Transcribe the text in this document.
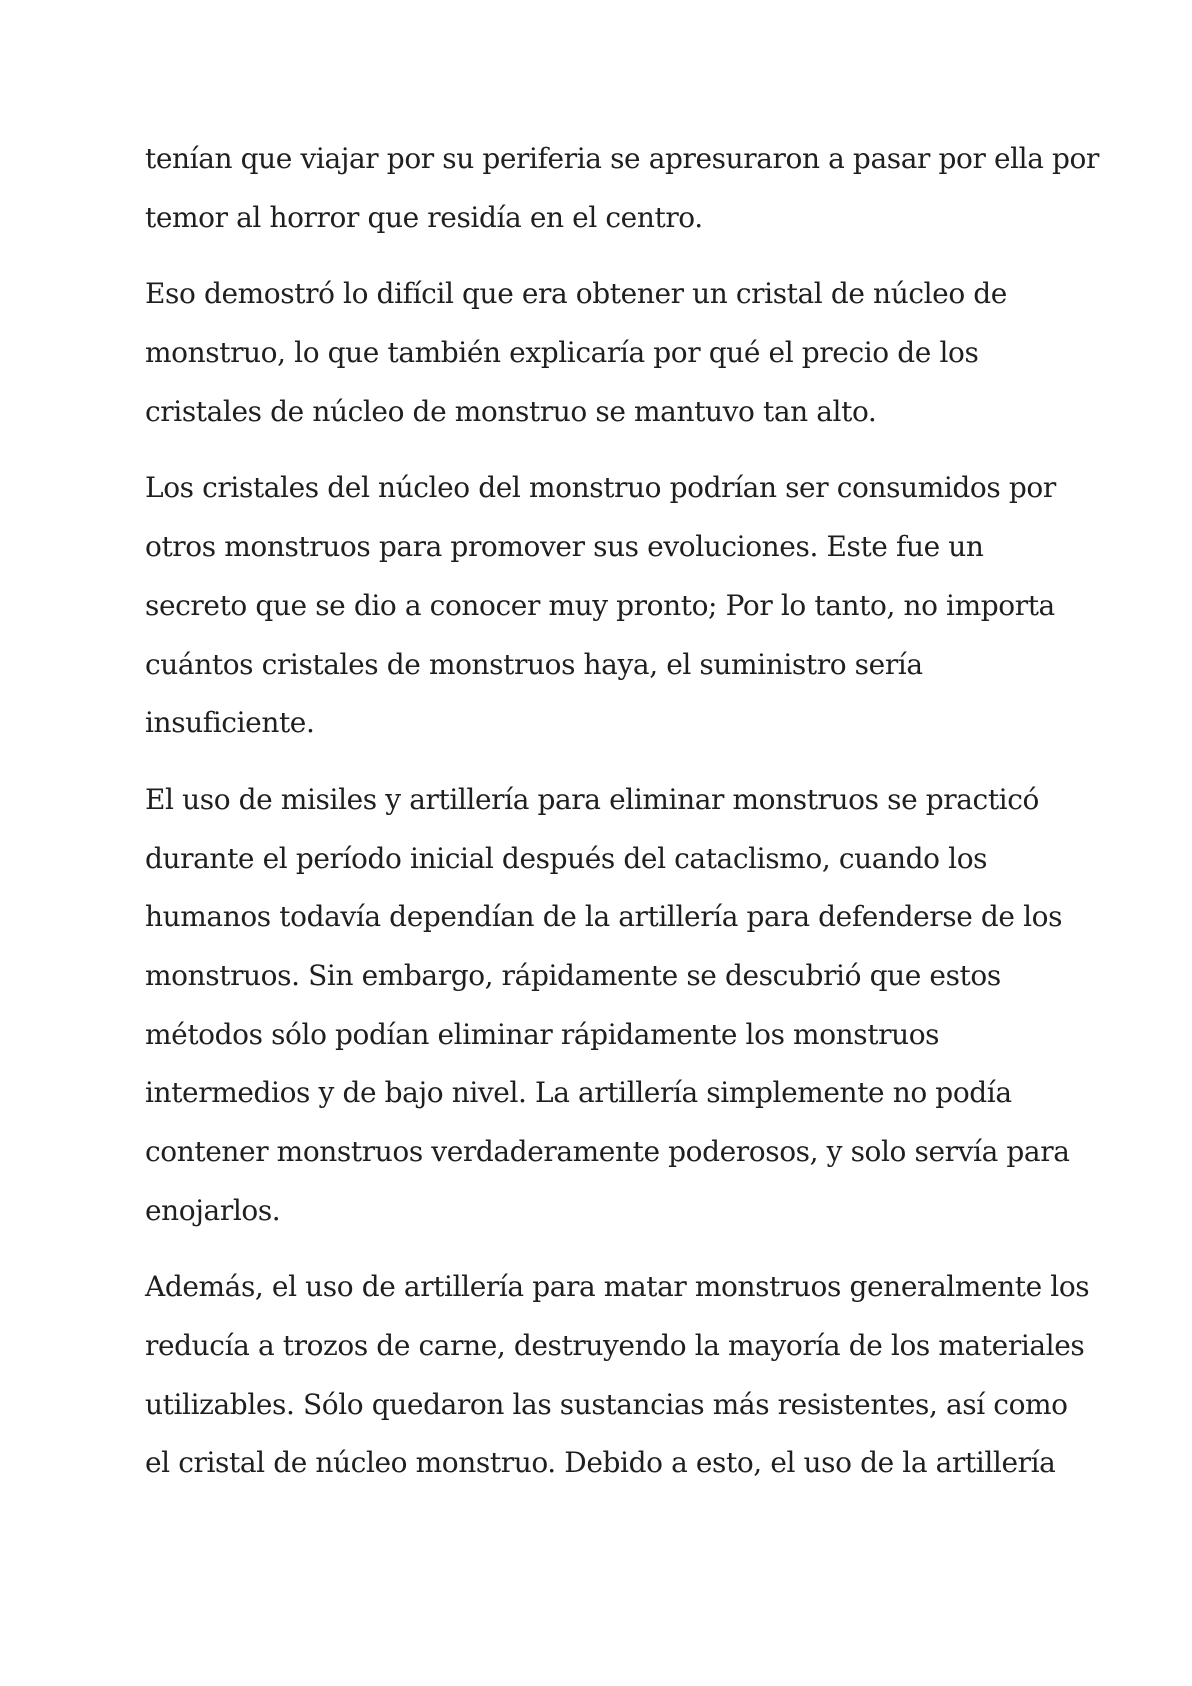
tenían que viajar por su periferia se apresuraron a pasar por ella por
temor al horror que residía en el centro.

Eso demostró lo difícil que era obtener un cristal de núcleo de
monstruo, lo que también explicaría por qué el precio de los
cristales de núcleo de monstruo se mantuvo tan alto.

Los cristales del núcleo del monstruo podrían ser consumidos por
otros monstruos para promover sus evoluciones. Este fue un
secreto que se dio a conocer muy pronto; Por lo tanto, no importa
cuántos cristales de monstruos haya, el suministro sería
insuficiente.

El uso de misiles y artillería para eliminar monstruos se practicó
durante el período inicial después del cataclismo, cuando los
humanos todavía dependían de la artillería para defenderse de los
monstruos. Sin embargo, rápidamente se descubrió que estos
métodos sólo podían eliminar rápidamente los monstruos
intermedios y de bajo nivel. La artillería simplemente no podía
contener monstruos verdaderamente poderosos, y solo servía para
enojarlos.

Además, el uso de artillería para matar monstruos generalmente los
reducía a trozos de carne, destruyendo la mayoría de los materiales
utilizables. Sólo quedaron las sustancias más resistentes, así como
el cristal de núcleo monstruo. Debido a esto, el uso de la artillería
